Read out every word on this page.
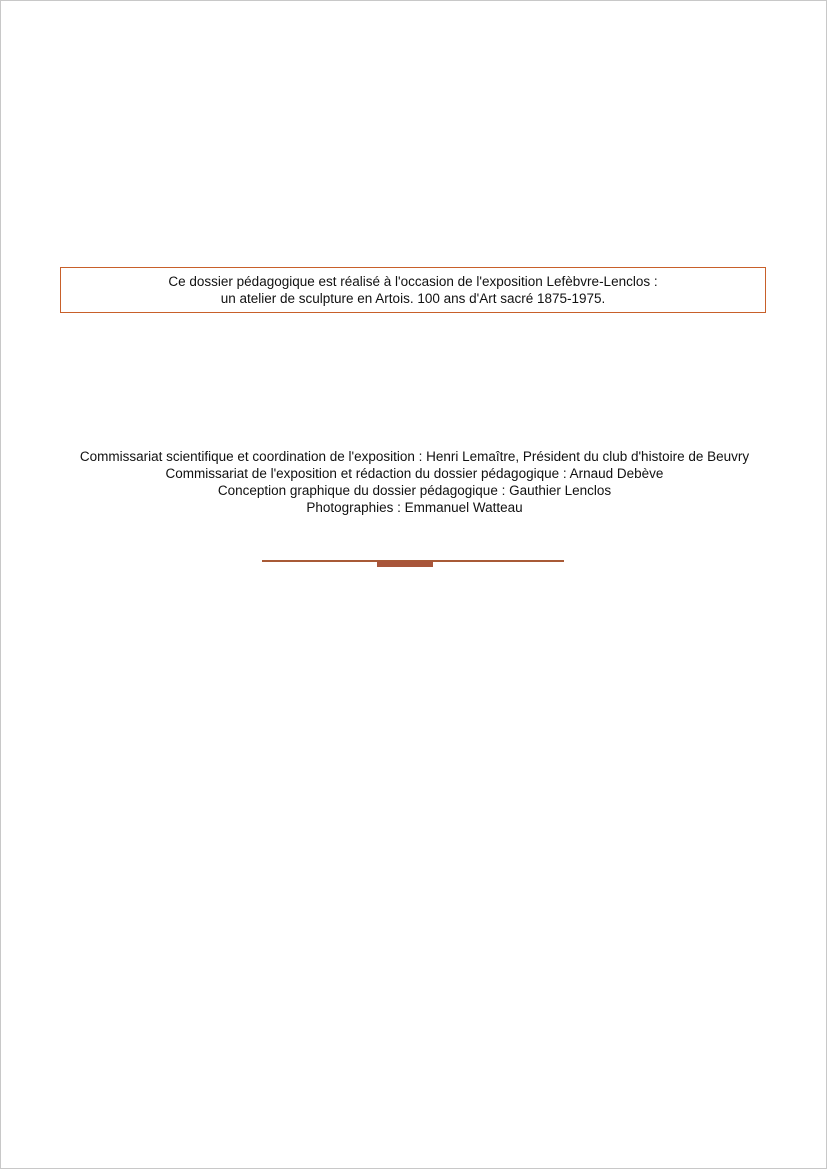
Ce dossier pédagogique est réalisé à l'occasion de l'exposition Lefèbvre-Lenclos :
un atelier de sculpture en Artois. 100 ans d'Art sacré 1875-1975.
Commissariat scientifique et coordination de l'exposition : Henri Lemaître, Président du club d'histoire de Beuvry
Commissariat de l'exposition et rédaction du dossier pédagogique : Arnaud Debève
Conception graphique du dossier pédagogique : Gauthier Lenclos
Photographies : Emmanuel Watteau
